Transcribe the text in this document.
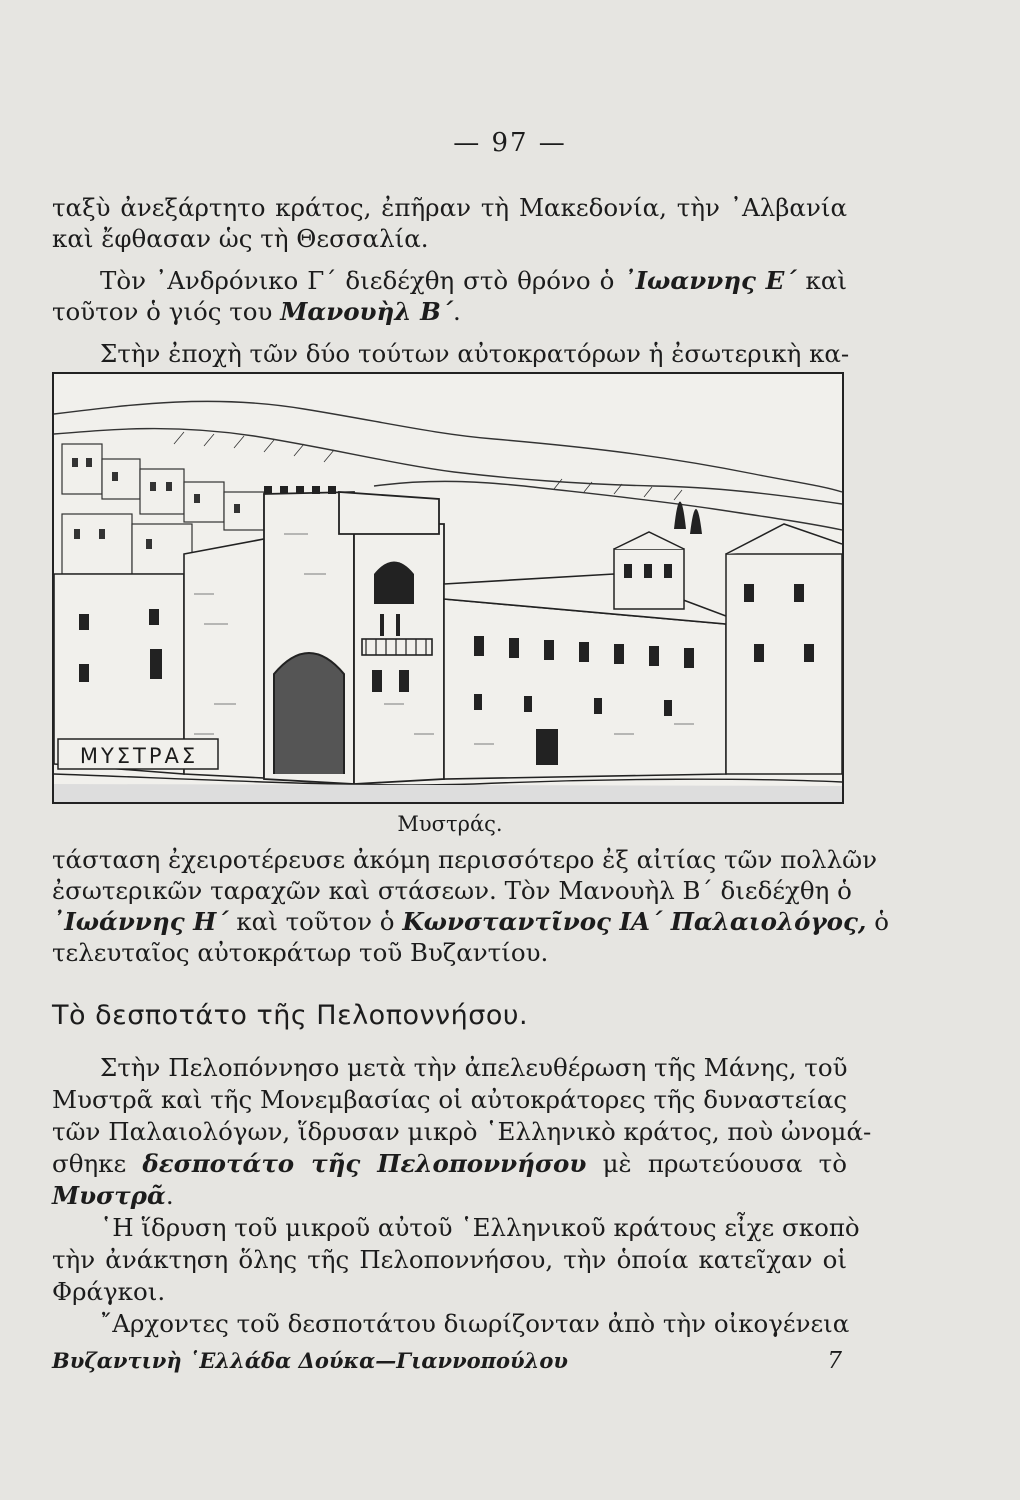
— 97 —
ταξὺ ἀνεξάρτητο κράτος, ἐπῆραν τὴ Μακεδονία, τὴν ᾿Αλβανία
καὶ ἔφθασαν ὡς τὴ Θεσσαλία.
Τὸν ᾿Ανδρόνικο Γ΄ διεδέχθη στὸ θρόνο ὁ ᾿Ιωαννης Ε΄ καὶ
τοῦτον ὁ γιός του Μανουὴλ Β΄.
Στὴν ἐποχὴ τῶν δύο τούτων αὐτοκρατόρων ἡ ἐσωτερικὴ κα-
ΜΥΣΤΡΑΣ
Μυστράς.
τάσταση ἐχειροτέρευσε ἀκόμη περισσότερο ἐξ αἰτίας τῶν πολλῶν
ἐσωτερικῶν ταραχῶν καὶ στάσεων. Τὸν Μανουὴλ Β΄ διεδέχθη ὁ
᾿Ιωάννης Η΄ καὶ τοῦτον ὁ Κωνσταντῖνος ΙΑ΄ Παλαιολόγος, ὁ
τελευταῖος αὐτοκράτωρ τοῦ Βυζαντίου.
Τὸ δεσποτάτο τῆς Πελοποννήσου.
Στὴν Πελοπόννησο μετὰ τὴν ἀπελευθέρωση τῆς Μάνης, τοῦ
Μυστρᾶ καὶ τῆς Μονεμβασίας οἱ αὐτοκράτορες τῆς δυναστείας
τῶν Παλαιολόγων, ἵδρυσαν μικρὸ ῾Ελληνικὸ κράτος, ποὺ ὠνομά-
σθηκε δεσποτάτο τῆς Πελοποννήσου μὲ πρωτεύουσα τὸ
Μυστρᾶ.
῾Η ἵδρυση τοῦ μικροῦ αὐτοῦ ῾Ελληνικοῦ κράτους εἶχε σκοπὸ
τὴν ἀνάκτηση ὅλης τῆς Πελοποννήσου, τὴν ὁποία κατεῖχαν οἱ
Φράγκοι.
῎Αρχοντες τοῦ δεσποτάτου διωρίζονταν ἀπὸ τὴν οἰκογένεια
Βυζαντινὴ ῾Ελλάδα Δούκα—Γιαννοπούλου	7
